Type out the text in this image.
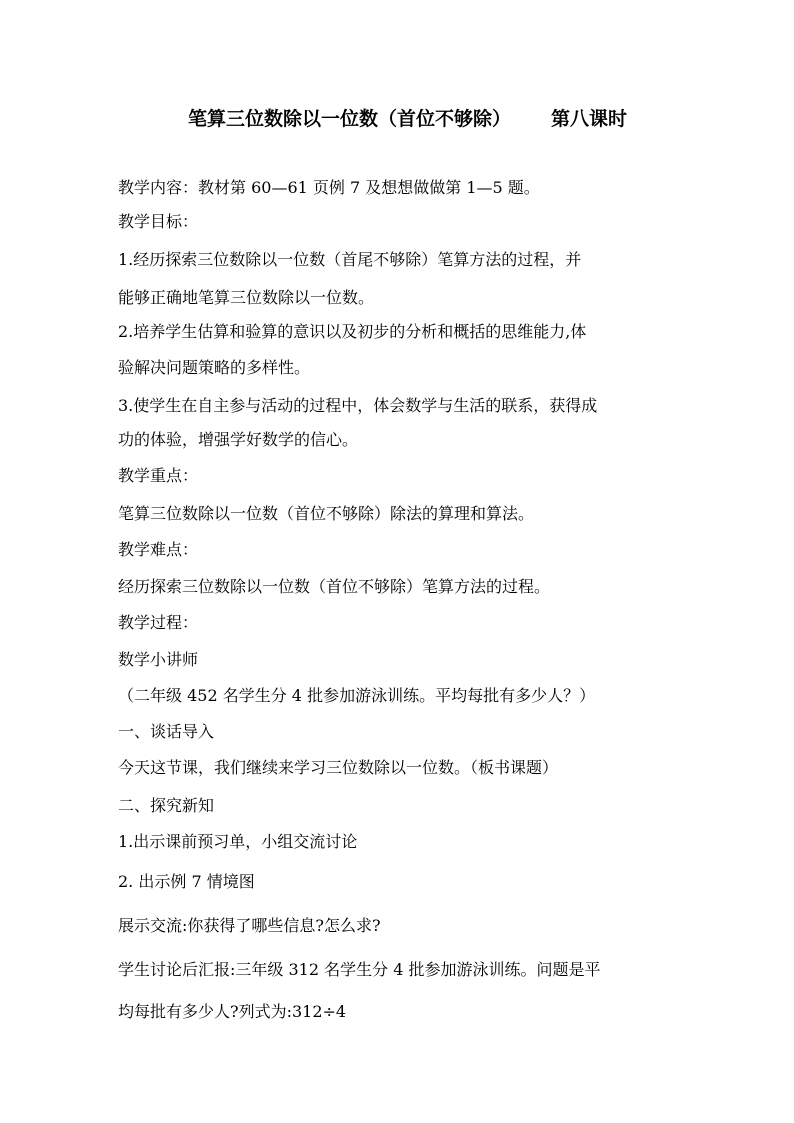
笔算三位数除以一位数（首位不够除） 第八课时
教学内容：教材第 60—61 页例 7 及想想做做第 1—5 题。
教学目标：
1.经历探索三位数除以一位数（首尾不够除）笔算方法的过程，并
能够正确地笔算三位数除以一位数。
2.培养学生估算和验算的意识以及初步的分析和概括的思维能力,体
验解决问题策略的多样性。
3.使学生在自主参与活动的过程中，体会数学与生活的联系，获得成
功的体验，增强学好数学的信心。
教学重点：
笔算三位数除以一位数（首位不够除）除法的算理和算法。
教学难点：
经历探索三位数除以一位数（首位不够除）笔算方法的过程。
教学过程：
数学小讲师
（二年级 452 名学生分 4 批参加游泳训练。平均每批有多少人？）
一、谈话导入
今天这节课，我们继续来学习三位数除以一位数。（板书课题）
二、探究新知
1.出示课前预习单，小组交流讨论
2. 出示例 7 情境图
展示交流:你获得了哪些信息?怎么求?
学生讨论后汇报:三年级 312 名学生分 4 批参加游泳训练。问题是平
均每批有多少人?列式为:312÷4
